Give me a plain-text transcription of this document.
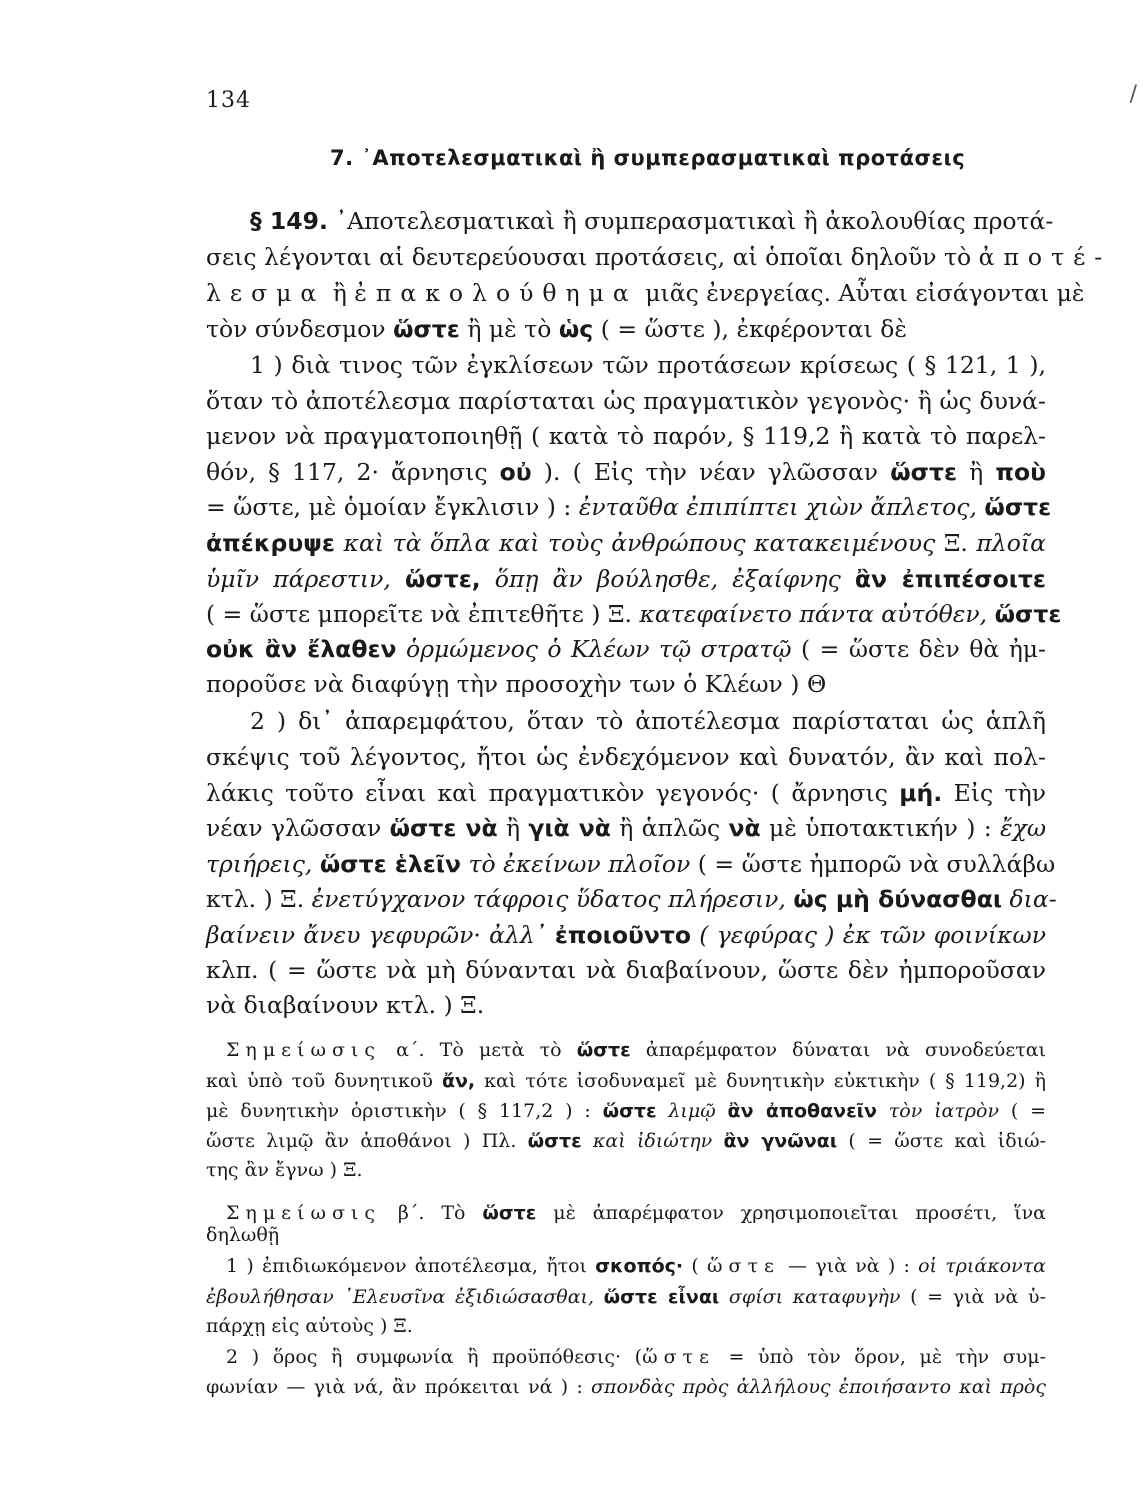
134	/
7. ᾿Αποτελεσματικαὶ ἢ συμπερασματικαὶ προτάσεις
§ 149. ᾿Αποτελεσματικαὶ ἢ συμπερασματικαὶ ἢ ἀκολουθίας προτά-
σεις λέγονται αἱ δευτερεύουσαι προτάσεις, αἱ ὁποῖαι δηλοῦν τὸ ἀποτέ-
λεσμα ἢ ἐπακολούθημα μιᾶς ἐνεργείας. Αὗται εἰσάγονται μὲ
τὸν σύνδεσμον ὥστε ἢ μὲ τὸ ὡς ( = ὥστε ), ἐκφέρονται δὲ
1 ) διὰ τινος τῶν ἐγκλίσεων τῶν προτάσεων κρίσεως ( § 121, 1 ),
ὅταν τὸ ἀποτέλεσμα παρίσταται ὡς πραγματικὸν γεγονὸς· ἢ ὡς δυνά-
μενον νὰ πραγματοποιηθῇ ( κατὰ τὸ παρόν, § 119,2 ἢ κατὰ τὸ παρελ-
θόν, § 117, 2· ἄρνησις οὐ ). ( Εἰς τὴν νέαν γλῶσσαν ὥστε ἢ ποὺ
= ὥστε, μὲ ὁμοίαν ἔγκλισιν ) : ἐνταῦθα ἐπιπίπτει χιὼν ἄπλετος, ὥστε
ἀπέκρυψε καὶ τὰ ὅπλα καὶ τοὺς ἀνθρώπους κατακειμένους Ξ. πλοῖα
ὑμῖν πάρεστιν, ὥστε, ὅπῃ ἂν βούλησθε, ἐξαίφνης ἂν ἐπιπέσοιτε
( = ὥστε μπορεῖτε νὰ ἐπιτεθῆτε ) Ξ. κατεφαίνετο πάντα αὐτόθεν, ὥστε
οὐκ ἂν ἔλαθεν ὁρμώμενος ὁ Κλέων τῷ στρατῷ ( = ὥστε δὲν θὰ ἠμ-
ποροῦσε νὰ διαφύγῃ τὴν προσοχὴν των ὁ Κλέων ) Θ
2 ) δι᾿ ἀπαρεμφάτου, ὅταν τὸ ἀποτέλεσμα παρίσταται ὡς ἁπλῆ
σκέψις τοῦ λέγοντος, ἤτοι ὡς ἐνδεχόμενον καὶ δυνατόν, ἂν καὶ πολ-
λάκις τοῦτο εἶναι καὶ πραγματικὸν γεγονός· ( ἄρνησις μή. Εἰς τὴν
νέαν γλῶσσαν ὥστε νὰ ἢ γιὰ νὰ ἢ ἁπλῶς νὰ μὲ ὑποτακτικήν ) : ἔχω
τριήρεις, ὥστε ἑλεῖν τὸ ἐκείνων πλοῖον ( = ὥστε ἠμπορῶ νὰ συλλάβω
κτλ. ) Ξ. ἐνετύγχανον τάφροις ὕδατος πλήρεσιν, ὡς μὴ δύνασθαι δια-
βαίνειν ἄνευ γεφυρῶν· ἀλλ᾿ ἐποιοῦντο ( γεφύρας ) ἐκ τῶν φοινίκων
κλπ. ( = ὥστε νὰ μὴ δύνανται νὰ διαβαίνουν, ὥστε δὲν ἠμποροῦσαν
νὰ διαβαίνουν κτλ. ) Ξ.
Σημείωσις α΄. Τὸ μετὰ τὸ ὥστε ἀπαρέμφατον δύναται νὰ συνοδεύεται
καὶ ὑπὸ τοῦ δυνητικοῦ ἄν, καὶ τότε ἰσοδυναμεῖ μὲ δυνητικὴν εὐκτικὴν ( § 119,2) ἢ
μὲ δυνητικὴν ὁριστικὴν ( § 117,2 ) : ὥστε λιμῷ ἂν ἀποθανεῖν τὸν ἰατρὸν ( =
ὥστε λιμῷ ἂν ἀποθάνοι ) Πλ. ὥστε καὶ ἰδιώτην ἂν γνῶναι ( = ὥστε καὶ ἰδιώ-
της ἂν ἔγνω ) Ξ.
Σημείωσις β΄. Τὸ ὥστε μὲ ἀπαρέμφατον χρησιμοποιεῖται προσέτι, ἵνα
δηλωθῇ
1 ) ἐπιδιωκόμενον ἀποτέλεσμα, ἤτοι σκοπός· ( ὥστε — γιὰ νὰ ) : οἱ τριάκοντα
ἐβουλήθησαν ᾿Ελευσῖνα ἐξιδιώσασθαι, ὥστε εἶναι σφίσι καταφυγὴν ( = γιὰ νὰ ὑ-
πάρχῃ εἰς αὐτοὺς ) Ξ.
2 ) ὅρος ἢ συμφωνία ἢ προϋπόθεσις· (ὥστε = ὑπὸ τὸν ὅρον, μὲ τὴν συμ-
φωνίαν — γιὰ νά, ἂν πρόκειται νά ) : σπονδὰς πρὸς ἀλλήλους ἐποιήσαντο καὶ πρὸς
